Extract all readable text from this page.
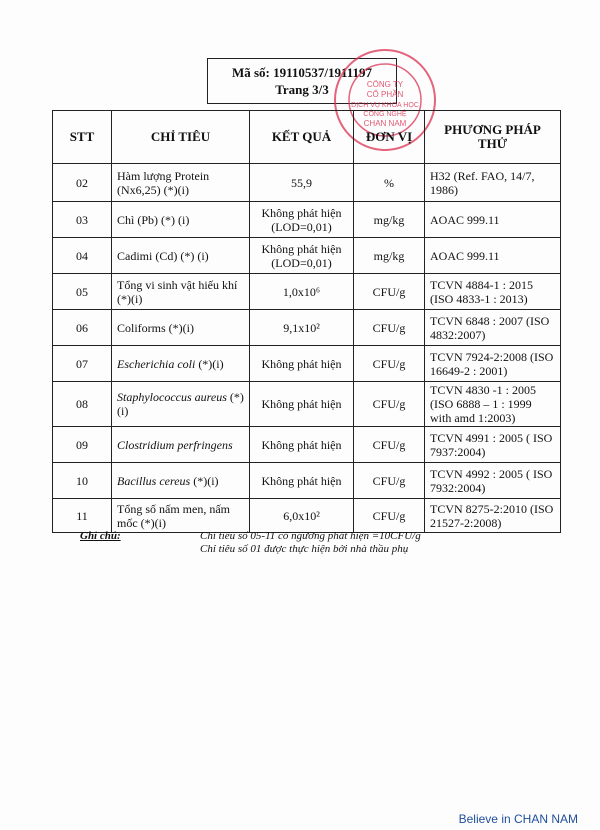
Mã số: 19110537/1911197
Trang 3/3	CÔNG TY
CỔ PHẦN
DỊCH VỤ KHOA HỌC
CÔNG NGHỆ
CHAN NAM
STT	CHỈ TIÊU	KẾT QUẢ	ĐƠN VỊ	PHƯƠNG PHÁP THỬ
02	Hàm lượng Protein (Nx6,25) (*)(i)	55,9	%	H32 (Ref. FAO, 14/7, 1986)
03	Chì (Pb) (*) (i)	Không phát hiện (LOD=0,01)	mg/kg	AOAC 999.11
04	Cadimi (Cd) (*) (i)	Không phát hiện (LOD=0,01)	mg/kg	AOAC 999.11
05	Tổng vi sinh vật hiếu khí (*)(i)	1,0x10⁶	CFU/g	TCVN 4884-1 : 2015 (ISO 4833-1 : 2013)
06	Coliforms (*)(i)	9,1x10²	CFU/g	TCVN 6848 : 2007 (ISO 4832:2007)
07	Escherichia coli (*)(i)	Không phát hiện	CFU/g	TCVN 7924-2:2008 (ISO 16649-2 : 2001)
08	Staphylococcus aureus (*)(i)	Không phát hiện	CFU/g	TCVN 4830 -1 : 2005 (ISO 6888 – 1 : 1999 with amd 1:2003)
09	Clostridium perfringens	Không phát hiện	CFU/g	TCVN 4991 : 2005 ( ISO 7937:2004)
10	Bacillus cereus (*)(i)	Không phát hiện	CFU/g	TCVN 4992 : 2005 ( ISO 7932:2004)
11	Tổng số nấm men, nấm mốc (*)(i)	6,0x10²	CFU/g	TCVN 8275-2:2010 (ISO 21527-2:2008)
Ghi chú:	Chỉ tiêu số 05-11 có ngưỡng phát hiện =10CFU/g
Chỉ tiêu số 01 được thực hiện bởi nhà thầu phụ
Believe in CHAN NAM
